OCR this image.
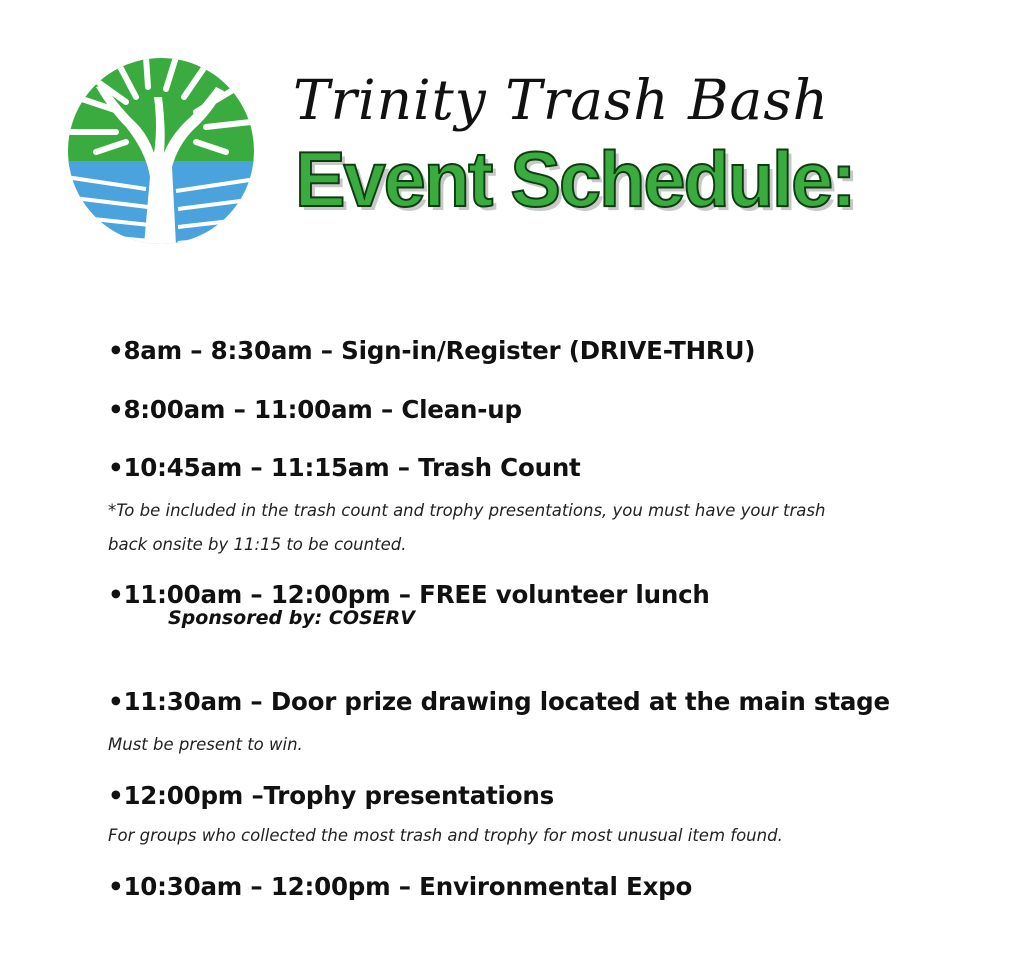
Trinity Trash Bash
Event Schedule:
•8am – 8:30am – Sign-in/Register (DRIVE-THRU)
•8:00am – 11:00am – Clean-up
•10:45am – 11:15am – Trash Count
*To be included in the trash count and trophy presentations, you must have your trash
back onsite by 11:15 to be counted.
•11:00am – 12:00pm – FREE volunteer lunch
Sponsored by: COSERV
•11:30am – Door prize drawing located at the main stage
Must be present to win.
•12:00pm –Trophy presentations
For groups who collected the most trash and trophy for most unusual item found.
•10:30am – 12:00pm – Environmental Expo
